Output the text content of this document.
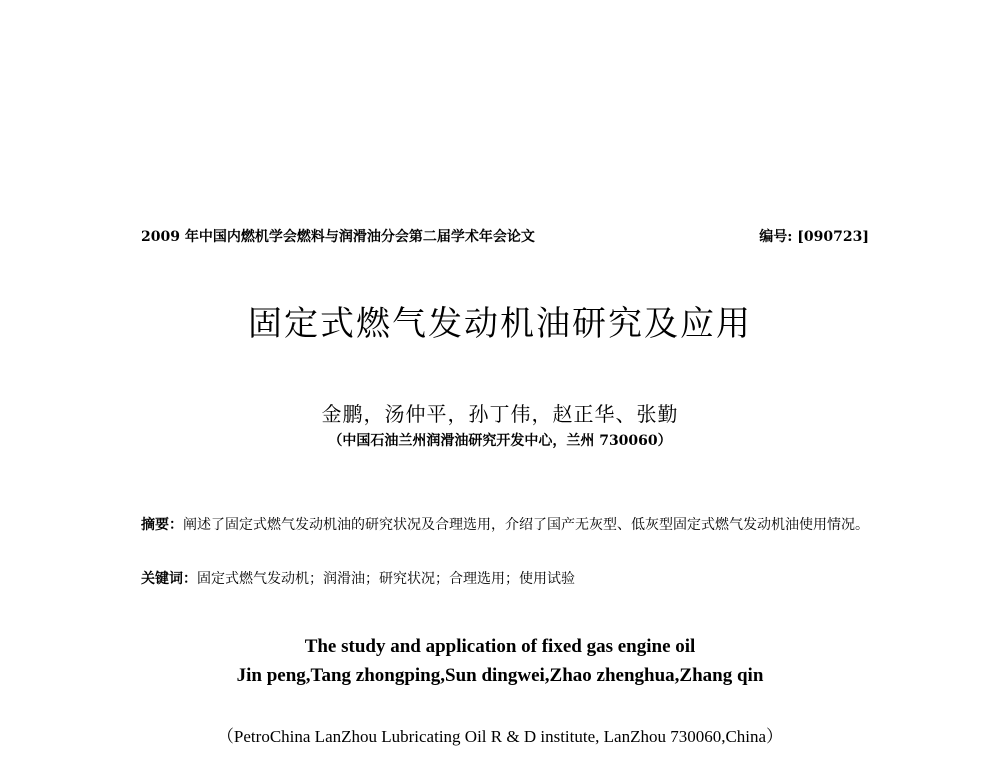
2009 年中国内燃机学会燃料与润滑油分会第二届学术年会论文	编号: [090723]
固定式燃气发动机油研究及应用
金鹏，汤仲平，孙丁伟，赵正华、张勤
（中国石油兰州润滑油研究开发中心，兰州 730060）
摘要：阐述了固定式燃气发动机油的研究状况及合理选用，介绍了国产无灰型、低灰型固定式燃气发动机油使用情况。
关键词：固定式燃气发动机；润滑油；研究状况；合理选用；使用试验
The study and application of fixed gas engine oil
Jin peng,Tang zhongping,Sun dingwei,Zhao zhenghua,Zhang qin
（PetroChina LanZhou Lubricating Oil R & D institute, LanZhou 730060,China）
